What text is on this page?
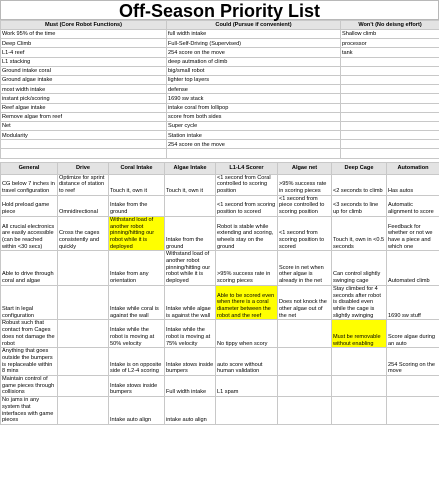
Off-Season Priority List
Must (Core Robot Functions)	Could (Pursue if convenient)	Won't (No deisng effort)
Work 95% of the time	full width intake	Shallow climb
Deep Climb	Full-Self-Driving (Supervised)	processor
L1-4 reef	254 score on the move	tank
L1 stacking	deep autmation of climb	
Ground intake coral	big/small robot	
Ground algae intake	lighter top layers	
most width intake	defense	
instant pick/scoring	1690 sw stack	
Reef algae intake	intake coral from lollipop	
Remove algae from reef	score from both sides	
Net	Super cycle	
Modularity	Station intake	
	254 score on the move	

General	Drive	Coral Intake	Algae Intake	L1-L4 Scorer	Algae net	Deep Cage	Automation
CG below 7 inches in travel configuration	Optimize for sprint distance of station to reef	Touch it, own it	Touch it, own it	<1 second from Coral controlled to scoring position	>95% success rate in scoring pieces	<2 seconds to climb	Has autos
Hold preload game piece	Omnidirectional	Intake from the ground		<1 second from scoring position to scored	<1 second from piece controlled to scoring position	<3 seconds to line up for climb	Automatic alignment to score
All crucial electronics are easily accessible (can be reached within <30 secs)	Cross the cages consistently and quickly	Withstand load of another robot pinning/hitting our robot while it is deployed	Intake from the ground	Robot is stable while extending and scoring, wheels stay on the ground	<1 second from scoring position to scored	Touch it, own in <0.5 seconds	Feedback for whether or not we have a piece and which one
Able to drive through coral and algae		Intake from any orientation	Withstand load of another robot pinning/hitting our robot while it is deployed	>95% success rate in scoring pieces	Score in net when other algae is already in the net	Can control slightly swinging cage	Automated climb
Start in legal configuration		Intake while coral is against the wall	Intake while algae is against the wall	Able to be scored even when there is a coral diameter between the robot and the reef	Does not knock the other algae out of the net	Stay climbed for 4 seconds after robot is disabled even while the cage is slightly swinging	1690 sw stuff
Robust such that contact from Cages does not damage the robot		Intake while the robot is moving at 50% velocity	Intake while the robot is moving at 75% velocity	No tippy when scory		Must be removable without enabling	Score algae during an auto
Anything that goes outside the bumpers is replaceable within 8 mins		Intake is on opposite side of L2-4 scoring	Intake stows inside bumpers	auto score without human validation			254 Scoring on the move
Maintain control of game pieces through collisions		Intake stows inside bumpers	Full width intake	L1 spam			
No jams in any system that interfaces with game pieces		Intake auto align	intake auto align				
